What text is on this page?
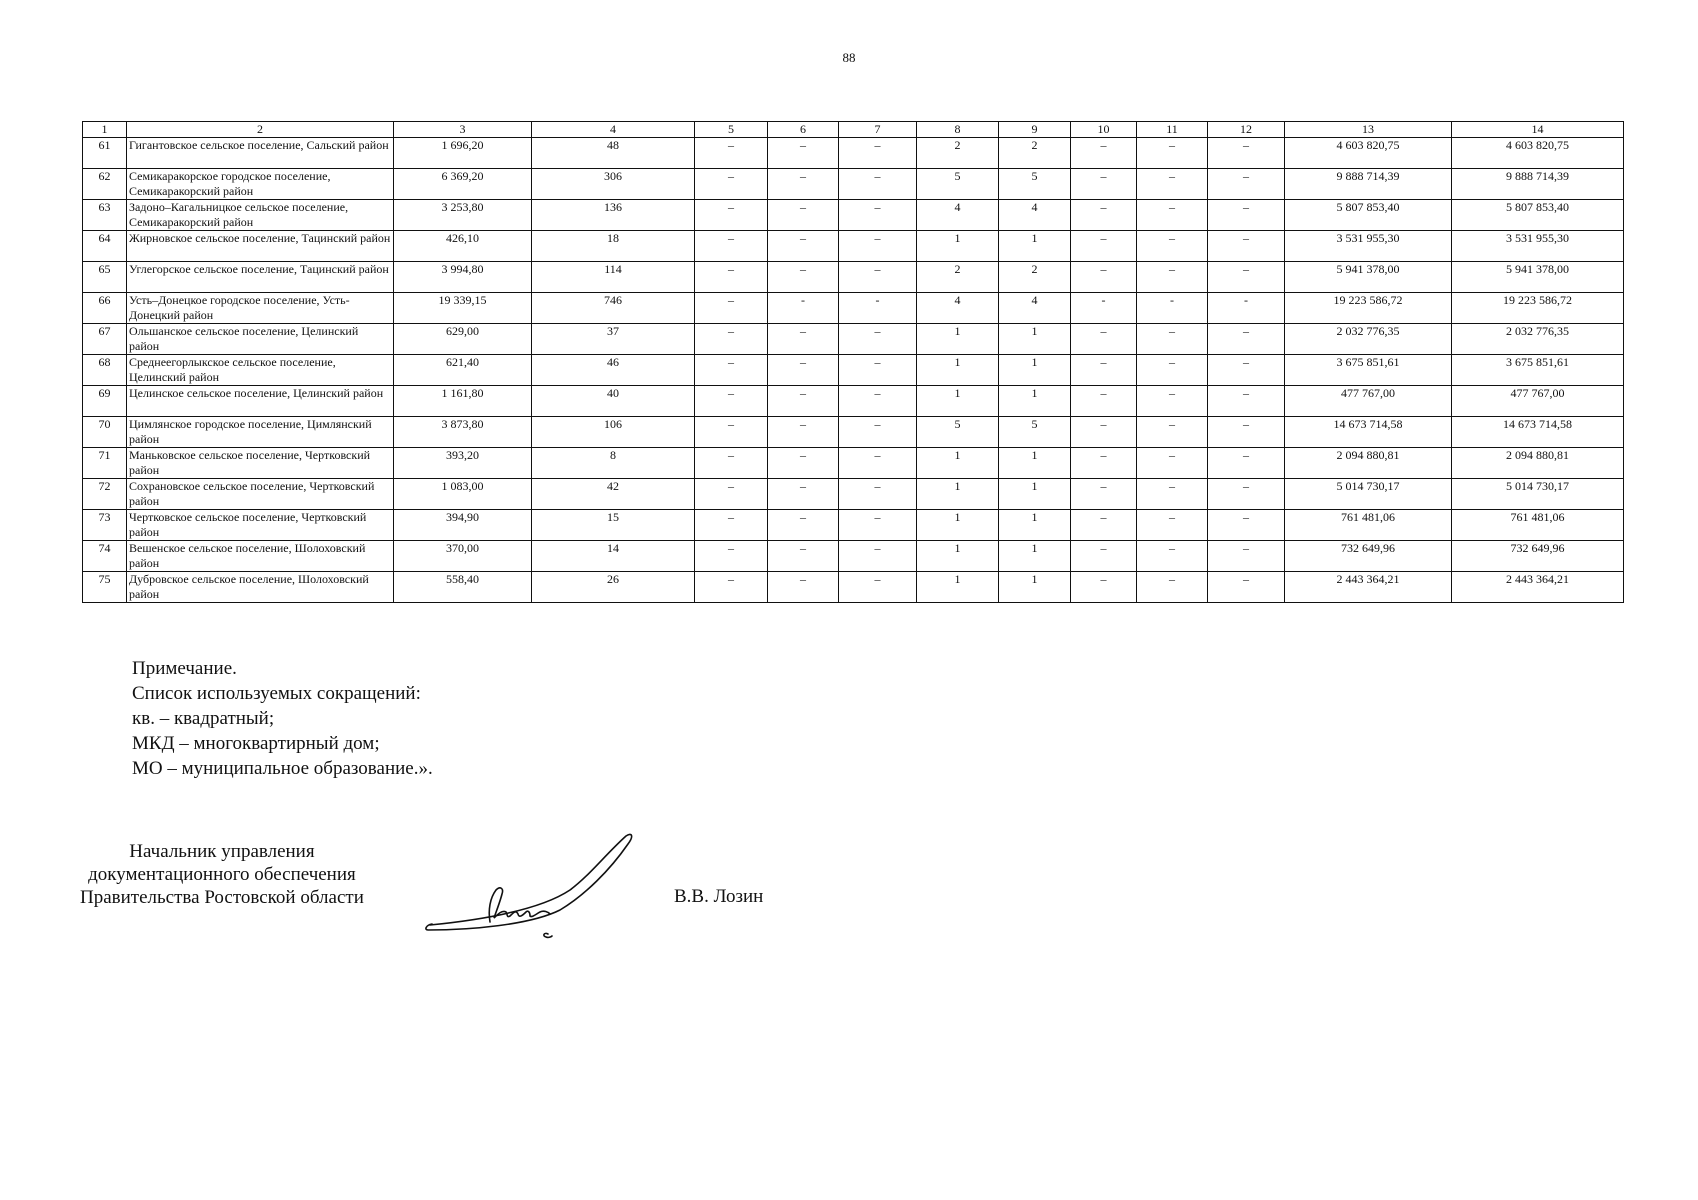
88
1	2	3	4	5	6	7	8	9	10	11	12	13	14
61	Гигантовское сельское поселение, Сальский район	1 696,20	48	–	–	–	2	2	–	–	–	4 603 820,75	4 603 820,75
62	Семикаракорское городское поселение, Семикаракорский район	6 369,20	306	–	–	–	5	5	–	–	–	9 888 714,39	9 888 714,39
63	Задоно–Кагальницкое сельское поселение, Семикаракорский район	3 253,80	136	–	–	–	4	4	–	–	–	5 807 853,40	5 807 853,40
64	Жирновское сельское поселение, Тацинский район	426,10	18	–	–	–	1	1	–	–	–	3 531 955,30	3 531 955,30
65	Углегорское сельское поселение, Тацинский район	3 994,80	114	–	–	–	2	2	–	–	–	5 941 378,00	5 941 378,00
66	Усть–Донецкое городское поселение, Усть-Донецкий район	19 339,15	746	–	-	-	4	4	-	-	-	19 223 586,72	19 223 586,72
67	Ольшанское сельское поселение, Целинский район	629,00	37	–	–	–	1	1	–	–	–	2 032 776,35	2 032 776,35
68	Среднеегорлыкское сельское поселение, Целинский район	621,40	46	–	–	–	1	1	–	–	–	3 675 851,61	3 675 851,61
69	Целинское сельское поселение, Целинский район	1 161,80	40	–	–	–	1	1	–	–	–	477 767,00	477 767,00
70	Цимлянское городское поселение, Цимлянский район	3 873,80	106	–	–	–	5	5	–	–	–	14 673 714,58	14 673 714,58
71	Маньковское сельское поселение, Чертковский район	393,20	8	–	–	–	1	1	–	–	–	2 094 880,81	2 094 880,81
72	Сохрановское сельское поселение, Чертковский район	1 083,00	42	–	–	–	1	1	–	–	–	5 014 730,17	5 014 730,17
73	Чертковское сельское поселение, Чертковский район	394,90	15	–	–	–	1	1	–	–	–	761 481,06	761 481,06
74	Вешенское сельское поселение, Шолоховский район	370,00	14	–	–	–	1	1	–	–	–	732 649,96	732 649,96
75	Дубровское сельское поселение, Шолоховский район	558,40	26	–	–	–	1	1	–	–	–	2 443 364,21	2 443 364,21
Примечание.
Список используемых сокращений:
кв. – квадратный;
МКД – многоквартирный дом;
МО – муниципальное образование.».
Начальник управления
документационного обеспечения
Правительства Ростовской области	В.В. Лозин
